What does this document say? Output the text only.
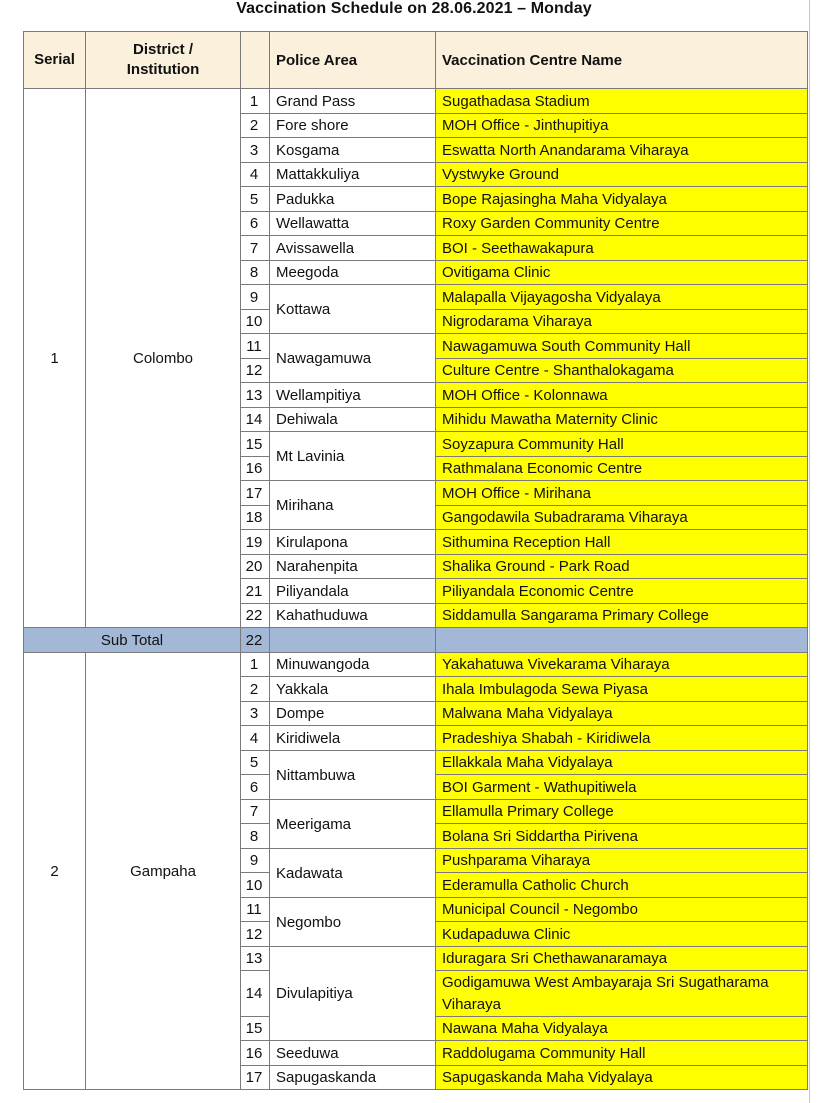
Vaccination Schedule on 28.06.2021 – Monday
Serial	District /
Institution		Police Area	Vaccination Centre Name
1	Colombo	1	Grand Pass	Sugathadasa Stadium
		2	Fore shore	MOH Office - Jinthupitiya
		3	Kosgama	Eswatta North Anandarama Viharaya
		4	Mattakkuliya	Vystwyke Ground
		5	Padukka	Bope Rajasingha Maha Vidyalaya
		6	Wellawatta	Roxy Garden Community Centre
		7	Avissawella	BOI - Seethawakapura
		8	Meegoda	Ovitigama Clinic
		9	Kottawa	Malapalla Vijayagosha Vidyalaya
		10		Nigrodarama Viharaya
		11	Nawagamuwa	Nawagamuwa South Community Hall
		12		Culture Centre - Shanthalokagama
		13	Wellampitiya	MOH Office - Kolonnawa
		14	Dehiwala	Mihidu Mawatha Maternity Clinic
		15	Mt Lavinia	Soyzapura Community Hall
		16		Rathmalana Economic Centre
		17	Mirihana	MOH Office - Mirihana
		18		Gangodawila Subadrarama Viharaya
		19	Kirulapona	Sithumina Reception Hall
		20	Narahenpita	Shalika Ground - Park Road
		21	Piliyandala	Piliyandala Economic Centre
		22	Kahathuduwa	Siddamulla Sangarama Primary College
Sub Total		22		
2	Gampaha	1	Minuwangoda	Yakahatuwa Vivekarama Viharaya
		2	Yakkala	Ihala Imbulagoda Sewa Piyasa
		3	Dompe	Malwana Maha Vidyalaya
		4	Kiridiwela	Pradeshiya Shabah - Kiridiwela
		5	Nittambuwa	Ellakkala Maha Vidyalaya
		6		BOI Garment - Wathupitiwela
		7	Meerigama	Ellamulla Primary College
		8		Bolana Sri Siddartha Pirivena
		9	Kadawata	Pushparama Viharaya
		10		Ederamulla Catholic Church
		11	Negombo	Municipal Council - Negombo
		12		Kudapaduwa Clinic
		13	Divulapitiya	Iduragara Sri Chethawanaramaya
		14		Godigamuwa West Ambayaraja Sri Sugatharama Viharaya
		15		Nawana Maha Vidyalaya
		16	Seeduwa	Raddolugama Community Hall
		17	Sapugaskanda	Sapugaskanda Maha Vidyalaya
